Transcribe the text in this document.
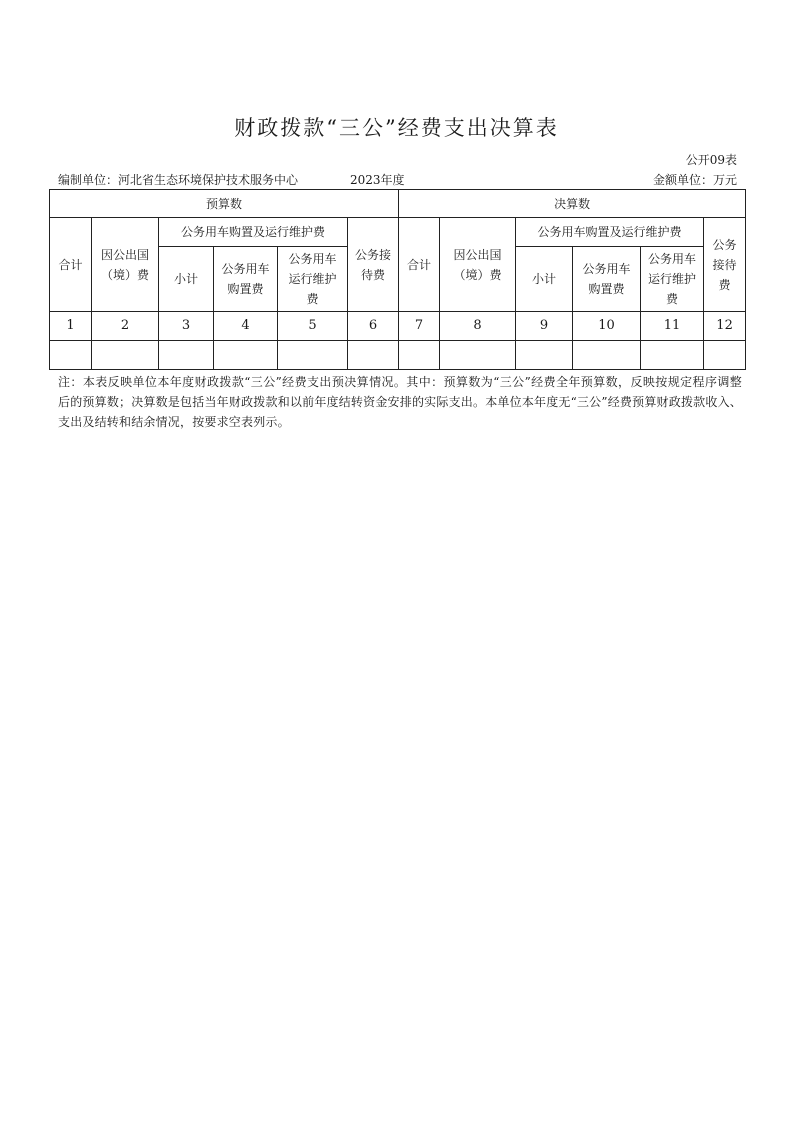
财政拨款“三公”经费支出决算表
公开09表
编制单位：河北省生态环境保护技术服务中心	2023年度	金额单位：万元
预算数						决算数					
合计	因公出国（境）费	公务用车购置及运行维护费			公务接待费	合计	因公出国（境）费	公务用车购置及运行维护费			公务接待费
		小计	公务用车购置费	公务用车运行维护费				小计	公务用车购置费	公务用车运行维护费	
1	2	3	4	5	6	7	8	9	10	11	12

注：本表反映单位本年度财政拨款“三公”经费支出预决算情况。其中：预算数为“三公”经费全年预算数，反映按规定程序调整后的预算数；决算数是包括当年财政拨款和以前年度结转资金安排的实际支出。本单位本年度无“三公”经费预算财政拨款收入、支出及结转和结余情况，按要求空表列示。
